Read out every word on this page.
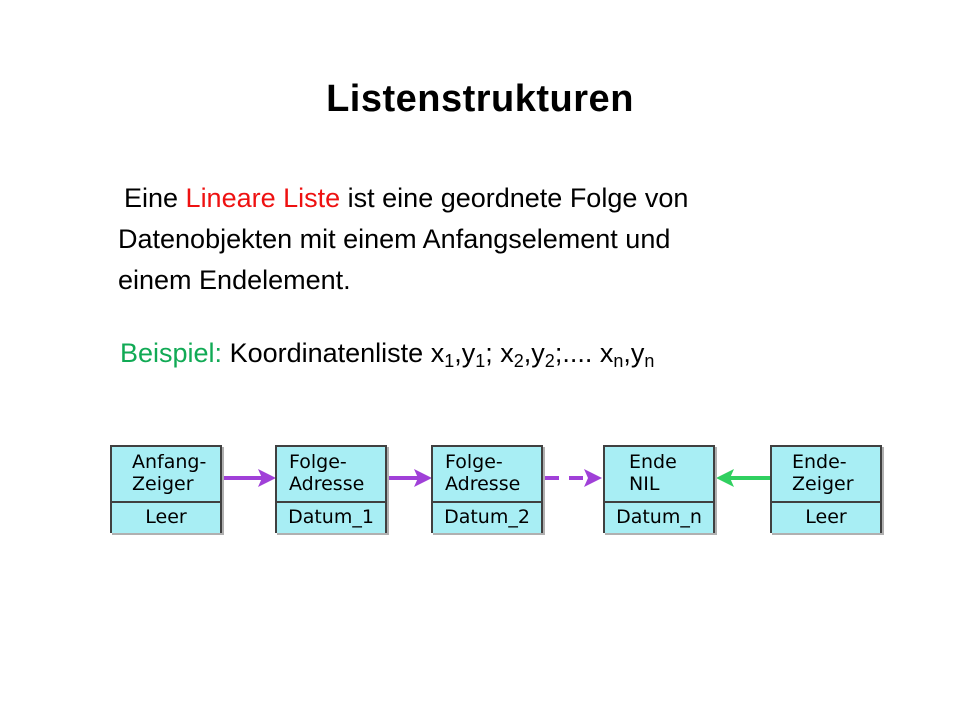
Listenstrukturen
Eine Lineare Liste ist eine geordnete Folge von
Datenobjekten mit einem Anfangselement und
einem Endelement.
Beispiel: Koordinatenliste $x_1,y_1$; $x_2,y_2$;.... $x_n,y_n$
Anfang-
Zeiger
Leer
Folge-
Adresse
Datum_1
Folge-
Adresse
Datum_2
Ende
NIL
Datum_n
Ende-
Zeiger
Leer
